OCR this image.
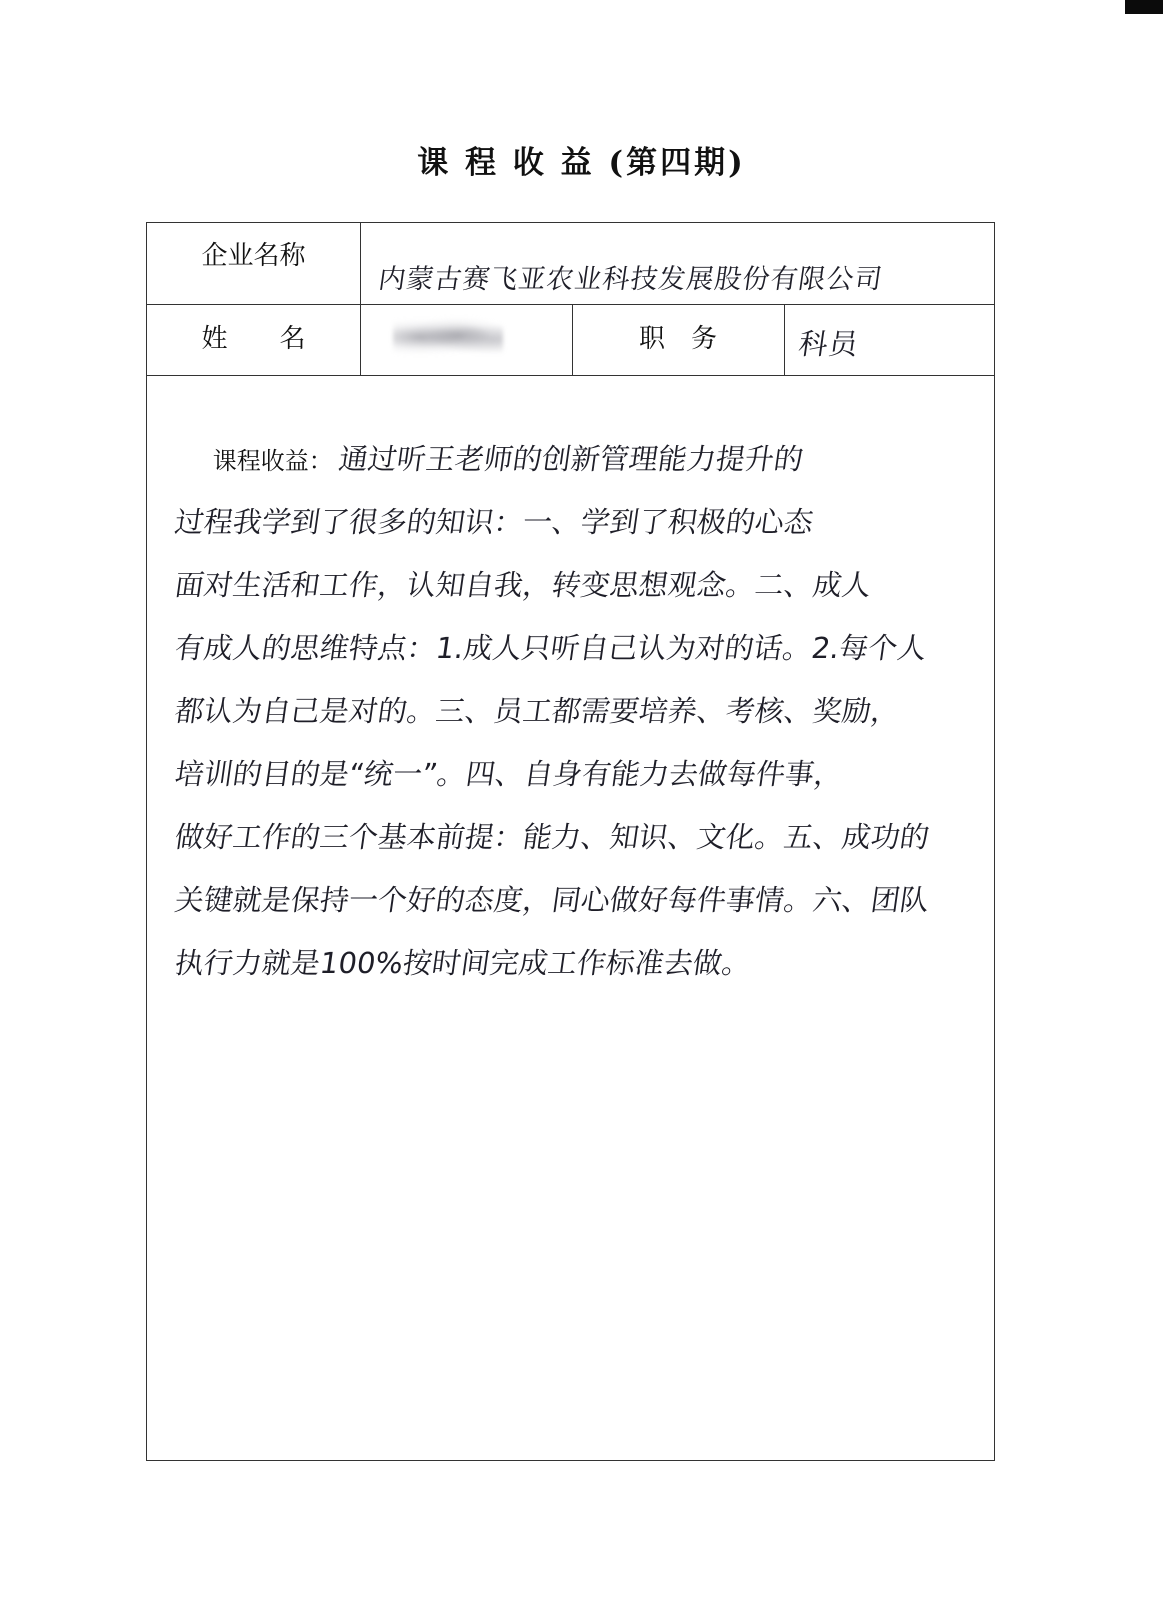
课 程 收 益 (第四期)
企业名称
内蒙古赛飞亚农业科技发展股份有限公司
姓　　名	职　务	科员
课程收益： 通过听王老师的创新管理能力提升的
过程我学到了很多的知识：一、学到了积极的心态
面对生活和工作，认知自我，转变思想观念。二、成人
有成人的思维特点：1.成人只听自己认为对的话。2.每个人
都认为自己是对的。三、员工都需要培养、考核、奖励，
培训的目的是“统一”。四、自身有能力去做每件事，
做好工作的三个基本前提：能力、知识、文化。五、成功的
关键就是保持一个好的态度，同心做好每件事情。六、团队
执行力就是100%按时间完成工作标准去做。
